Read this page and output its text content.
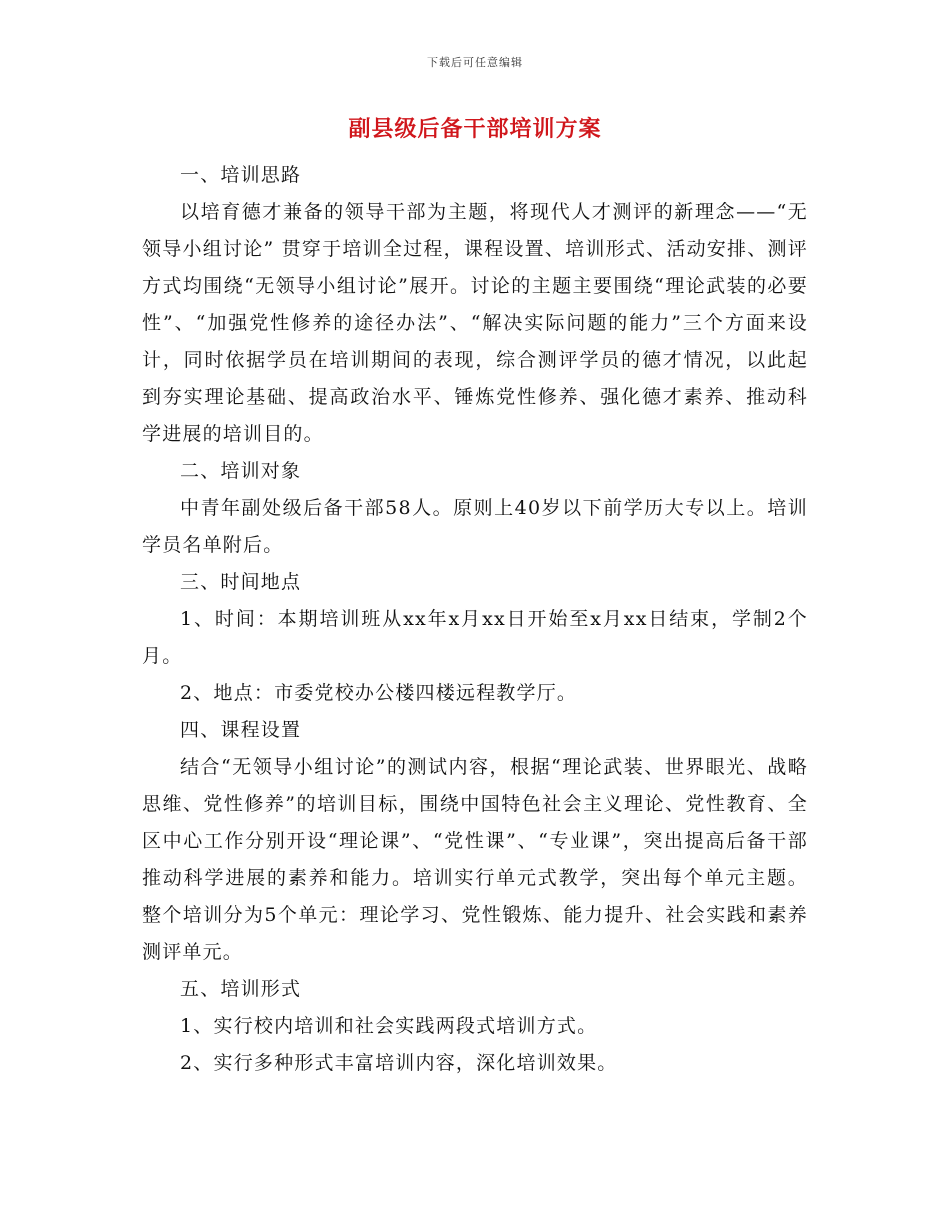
下载后可任意编辑
副县级后备干部培训方案

一、培训思路

以培育德才兼备的领导干部为主题，将现代人才测评的新理念——“无领导小组讨论” 贯穿于培训全过程，课程设置、培训形式、活动安排、测评方式均围绕“无领导小组讨论”展开。讨论的主题主要围绕“理论武装的必要性”、“加强党性修养的途径办法”、“解决实际问题的能力”三个方面来设计，同时依据学员在培训期间的表现，综合测评学员的德才情况，以此起到夯实理论基础、提高政治水平、锤炼党性修养、强化德才素养、推动科学进展的培训目的。

二、培训对象

中青年副处级后备干部58人。原则上40岁以下前学历大专以上。培训学员名单附后。

三、时间地点

1、时间：本期培训班从xx年x月xx日开始至x月xx日结束，学制2个月。

2、地点：市委党校办公楼四楼远程教学厅。

四、课程设置

结合“无领导小组讨论”的测试内容，根据“理论武装、世界眼光、战略思维、党性修养”的培训目标，围绕中国特色社会主义理论、党性教育、全区中心工作分别开设“理论课”、“党性课”、“专业课”，突出提高后备干部推动科学进展的素养和能力。培训实行单元式教学，突出每个单元主题。整个培训分为5个单元：理论学习、党性锻炼、能力提升、社会实践和素养测评单元。

五、培训形式

1、实行校内培训和社会实践两段式培训方式。

2、实行多种形式丰富培训内容，深化培训效果。
